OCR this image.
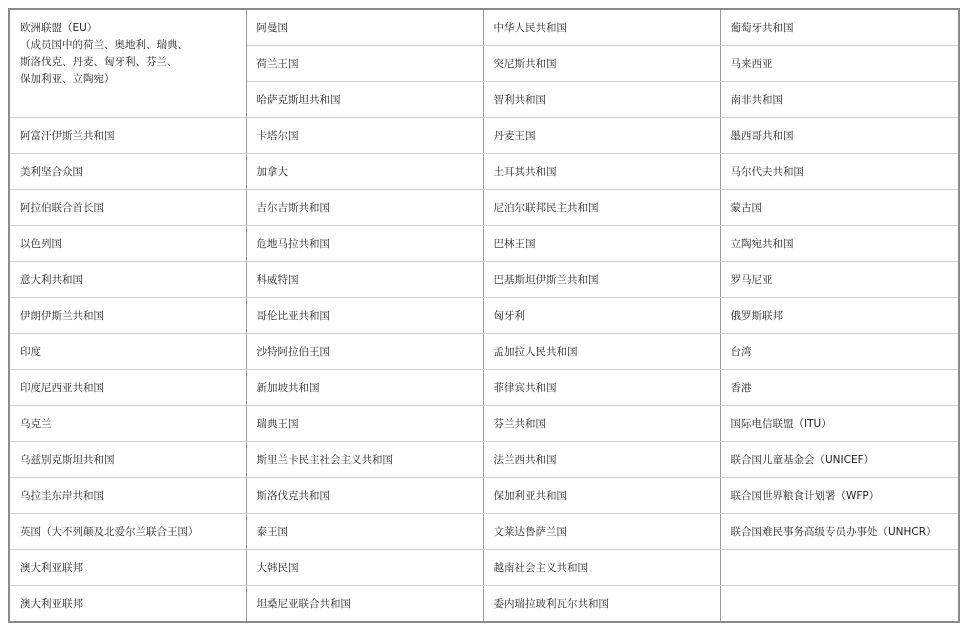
欧洲联盟（EU）
（成员国中的荷兰、奥地利、瑞典、
斯洛伐克、丹麦、匈牙利、芬兰、
保加利亚、立陶宛）	阿曼国	中华人民共和国	葡萄牙共和国
	荷兰王国	突尼斯共和国	马来西亚
	哈萨克斯坦共和国	智利共和国	南非共和国
阿富汗伊斯兰共和国	卡塔尔国	丹麦王国	墨西哥共和国
美利坚合众国	加拿大	土耳其共和国	马尔代夫共和国
阿拉伯联合首长国	吉尔吉斯共和国	尼泊尔联邦民主共和国	蒙古国
以色列国	危地马拉共和国	巴林王国	立陶宛共和国
意大利共和国	科威特国	巴基斯坦伊斯兰共和国	罗马尼亚
伊朗伊斯兰共和国	哥伦比亚共和国	匈牙利	俄罗斯联邦
印度	沙特阿拉伯王国	孟加拉人民共和国	台湾
印度尼西亚共和国	新加坡共和国	菲律宾共和国	香港
乌克兰	瑞典王国	芬兰共和国	国际电信联盟（ITU）
乌兹别克斯坦共和国	斯里兰卡民主社会主义共和国	法兰西共和国	联合国儿童基金会（UNICEF）
乌拉圭东岸共和国	斯洛伐克共和国	保加利亚共和国	联合国世界粮食计划署（WFP）
英国（大不列颠及北爱尔兰联合王国）	泰王国	文莱达鲁萨兰国	联合国难民事务高级专员办事处（UNHCR）
澳大利亚联邦	大韩民国	越南社会主义共和国	
澳大利亚联邦	坦桑尼亚联合共和国	委内瑞拉玻利瓦尔共和国	
